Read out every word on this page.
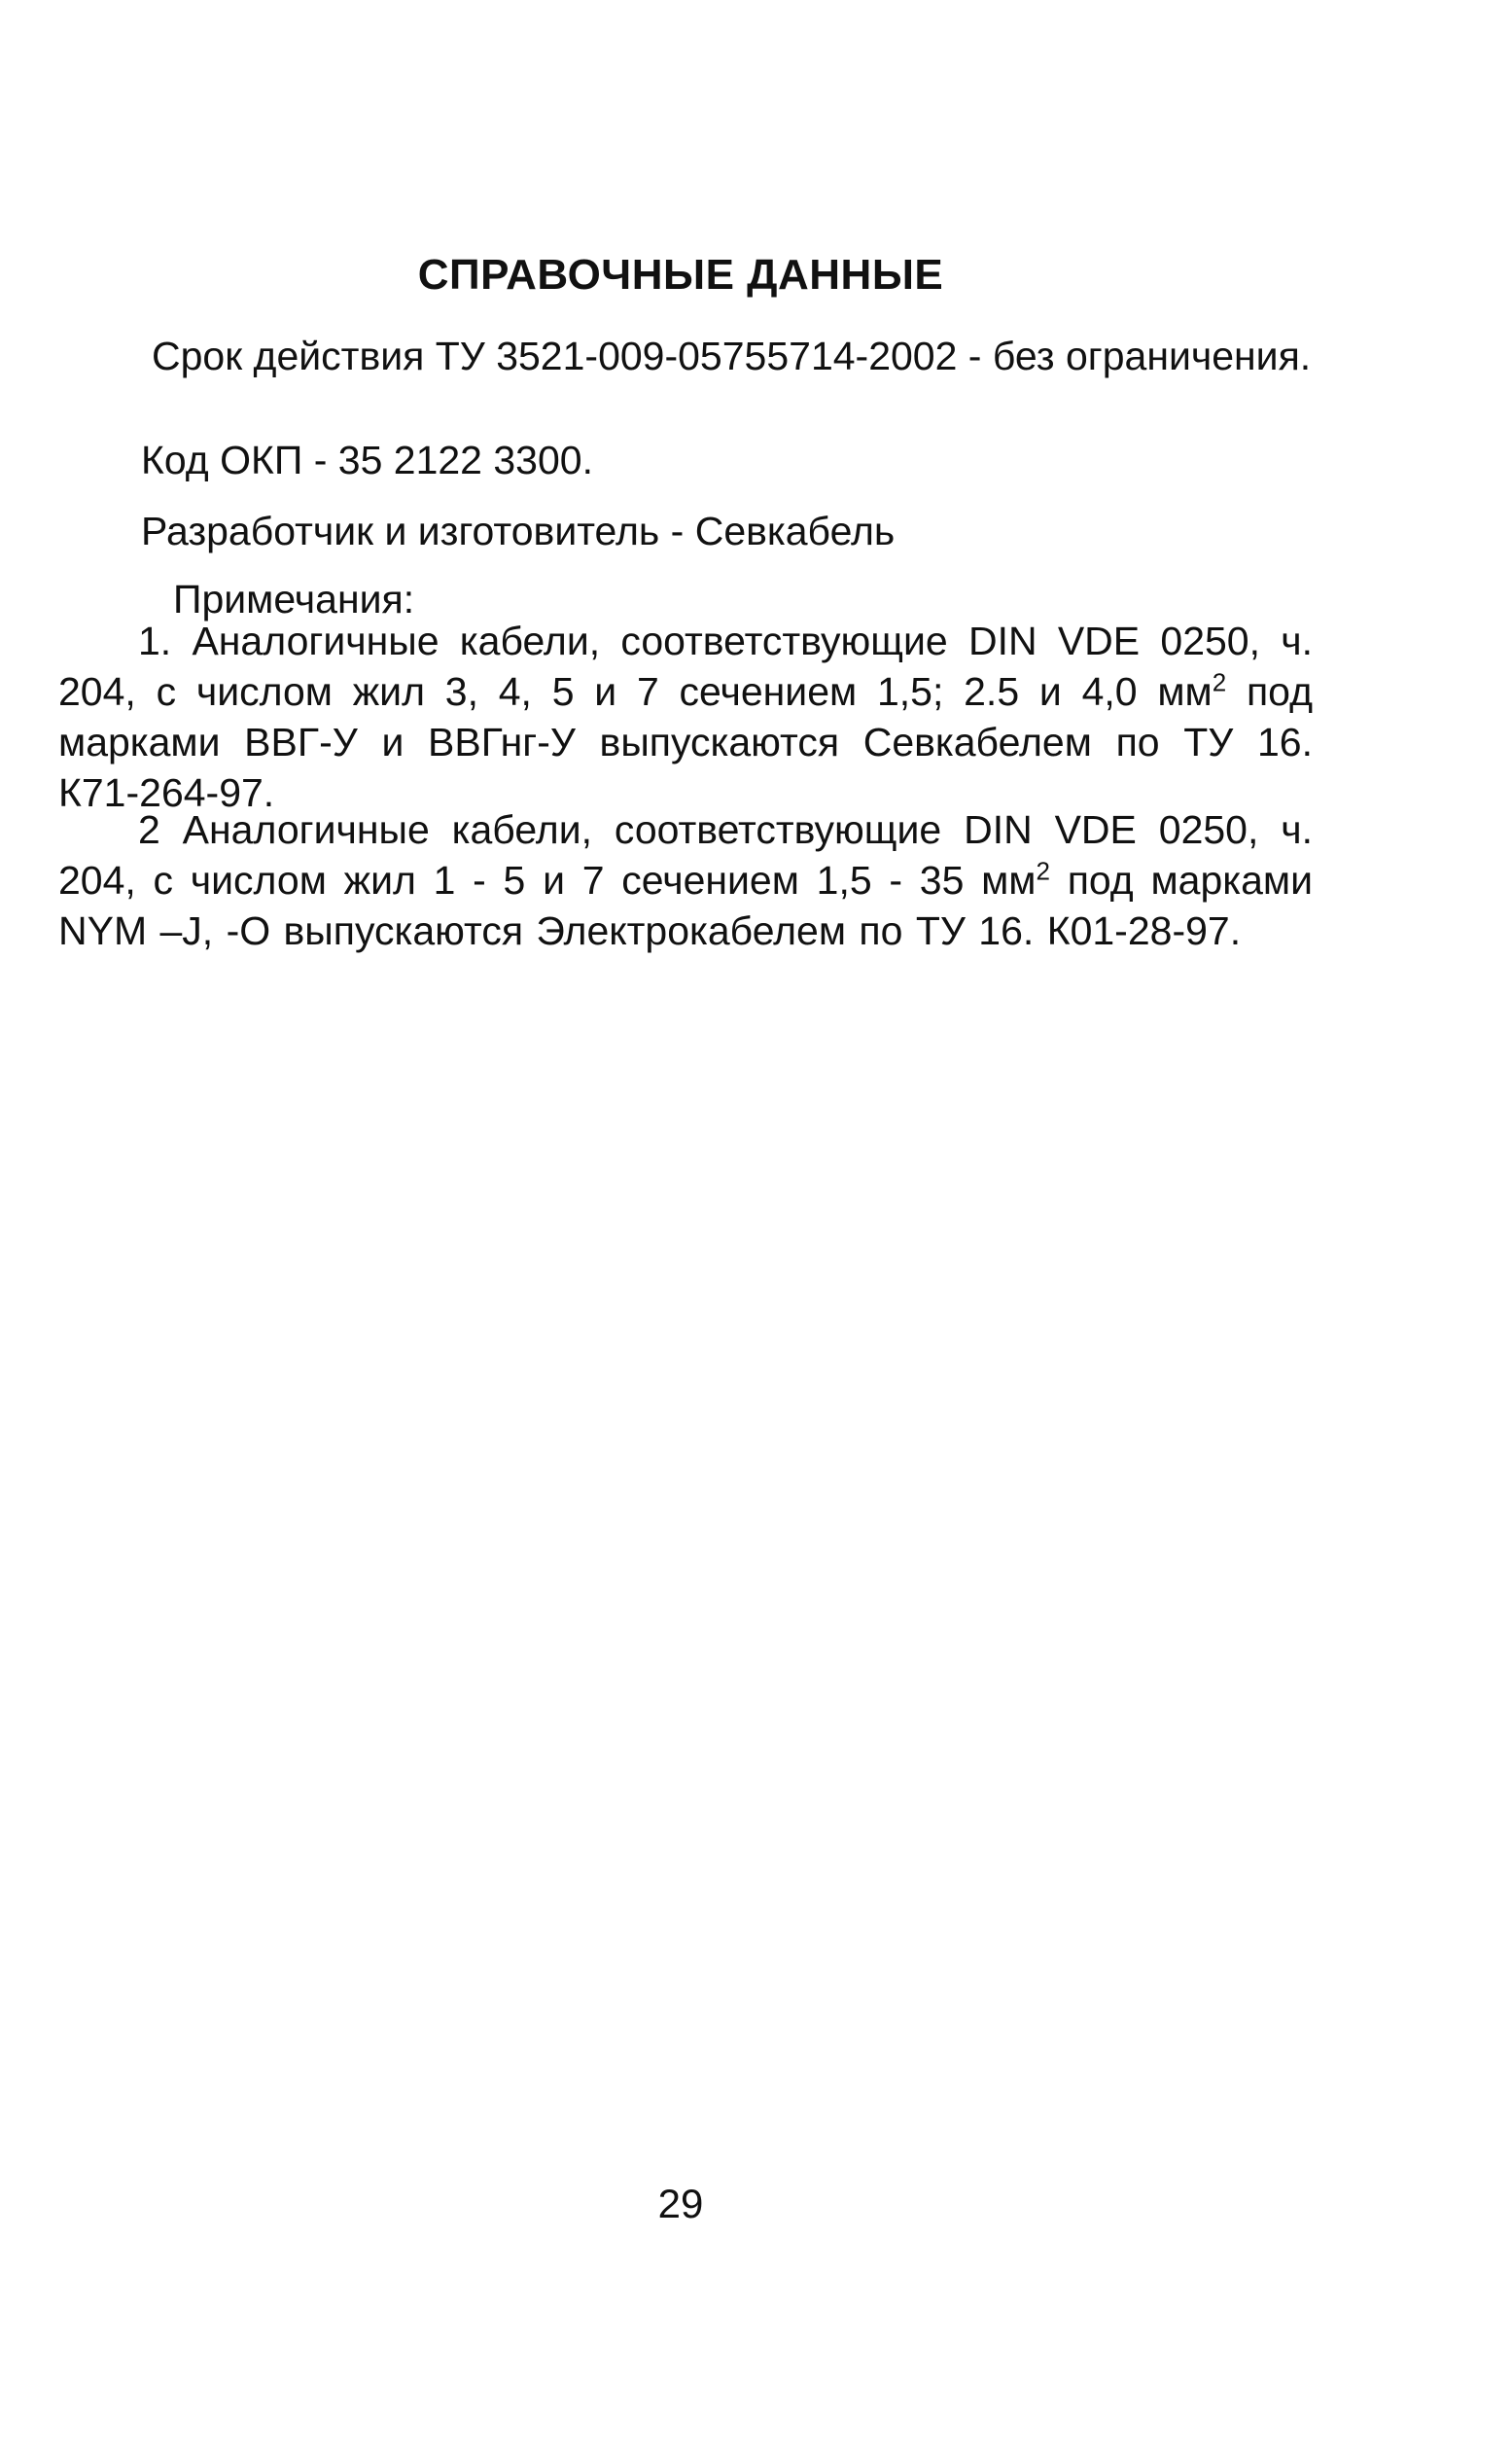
СПРАВОЧНЫЕ ДАННЫЕ
Срок действия ТУ 3521-009-05755714-2002 - без ограничения.
Код ОКП - 35 2122 3300.
Разработчик и изготовитель - Севкабель
Примечания:
1. Аналогичные кабели, соответствующие DIN VDE 0250, ч. 204, с числом жил 3, 4, 5 и 7 сечением 1,5; 2.5 и 4,0 $мм^2$ под марками ВВГ-У и ВВГнг-У выпускаются Севкабелем по ТУ 16. К71-264-97.
2 Аналогичные кабели, соответствующие DIN VDE 0250, ч. 204, с числом жил 1 - 5 и 7 сечением 1,5 - 35 $мм^2$ под марками NYM –J, -O выпускаются Электрокабелем по ТУ 16. К01-28-97.
29
